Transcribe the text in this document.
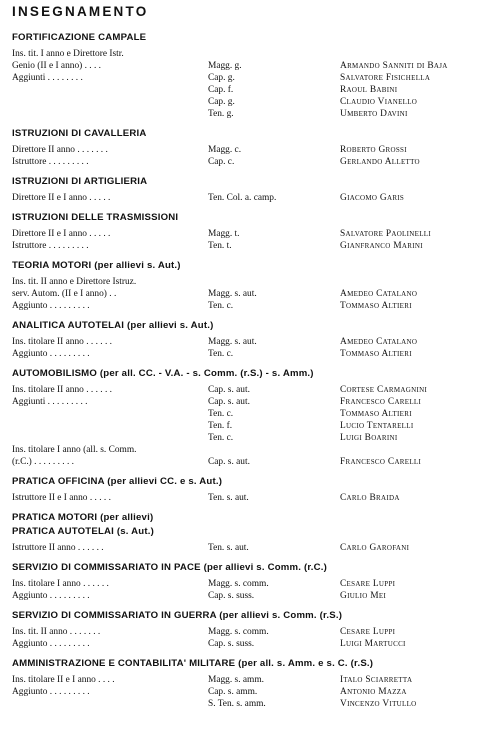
INSEGNAMENTO
FORTIFICAZIONE CAMPALE
Ins. tit. I anno e Direttore Istr.
Genio (II e I anno) . . . .	Magg. g.	Armando Sanniti di Baja
Aggiunti . . . . . . . .	Cap. g.	Salvatore Fisichella
Cap. f.	Raoul Babini
Cap. g.	Claudio Vianello
Ten. g.	Umberto Davini
ISTRUZIONI DI CAVALLERIA
Direttore II anno . . . . . . .	Magg. c.	Roberto Grossi
Istruttore . . . . . . . . .	Cap. c.	Gerlando Alletto
ISTRUZIONI DI ARTIGLIERIA
Direttore II e I anno . . . . .	Ten. Col. a. camp.	Giacomo Garis
ISTRUZIONI DELLE TRASMISSIONI
Direttore II e I anno . . . . .	Magg. t.	Salvatore Paolinelli
Istruttore . . . . . . . . .	Ten. t.	Gianfranco Marini
TEORIA MOTORI (per allievi s. Aut.)
Ins. tit. II anno e Direttore Istruz.
serv. Autom. (II e I anno) . .	Magg. s. aut.	Amedeo Catalano
Aggiunto . . . . . . . . .	Ten. c.	Tommaso Altieri
ANALITICA AUTOTELAI (per allievi s. Aut.)
Ins. titolare II anno . . . . . .	Magg. s. aut.	Amedeo Catalano
Aggiunto . . . . . . . . .	Ten. c.	Tommaso Altieri
AUTOMOBILISMO (per all. CC. - V.A. - s. Comm. (r.S.) - s. Amm.)
Ins. titolare II anno . . . . . .	Cap. s. aut.	Cortese Carmagnini
Aggiunti . . . . . . . . .	Cap. s. aut.	Francesco Carelli
Ten. c.	Tommaso Altieri
Ten. f.	Lucio Tentarelli
Ten. c.	Luigi Boarini
Ins. titolare I anno (all. s. Comm.
(r.C.) . . . . . . . . .	Cap. s. aut.	Francesco Carelli
PRATICA OFFICINA (per allievi CC. e s. Aut.)
Istruttore II e I anno . . . . .	Ten. s. aut.	Carlo Braida
PRATICA MOTORI (per allievi)
PRATICA AUTOTELAI (s. Aut.)
Istruttore II anno . . . . . .	Ten. s. aut.	Carlo Garofani
SERVIZIO DI COMMISSARIATO IN PACE (per allievi s. Comm. (r.C.)
Ins. titolare I anno . . . . . .	Magg. s. comm.	Cesare Luppi
Aggiunto . . . . . . . . .	Cap. s. suss.	Giulio Mei
SERVIZIO DI COMMISSARIATO IN GUERRA (per allievi s. Comm. (r.S.)
Ins. tit. II anno . . . . . . .	Magg. s. comm.	Cesare Luppi
Aggiunto . . . . . . . . .	Cap. s. suss.	Luigi Martucci
AMMINISTRAZIONE E CONTABILITA' MILITARE (per all. s. Amm. e s. C. (r.S.)
Ins. titolare II e I anno . . . .	Magg. s. amm.	Italo Sciarretta
Aggiunto . . . . . . . . .	Cap. s. amm.	Antonio Mazza
S. Ten. s. amm.	Vincenzo Vitullo
